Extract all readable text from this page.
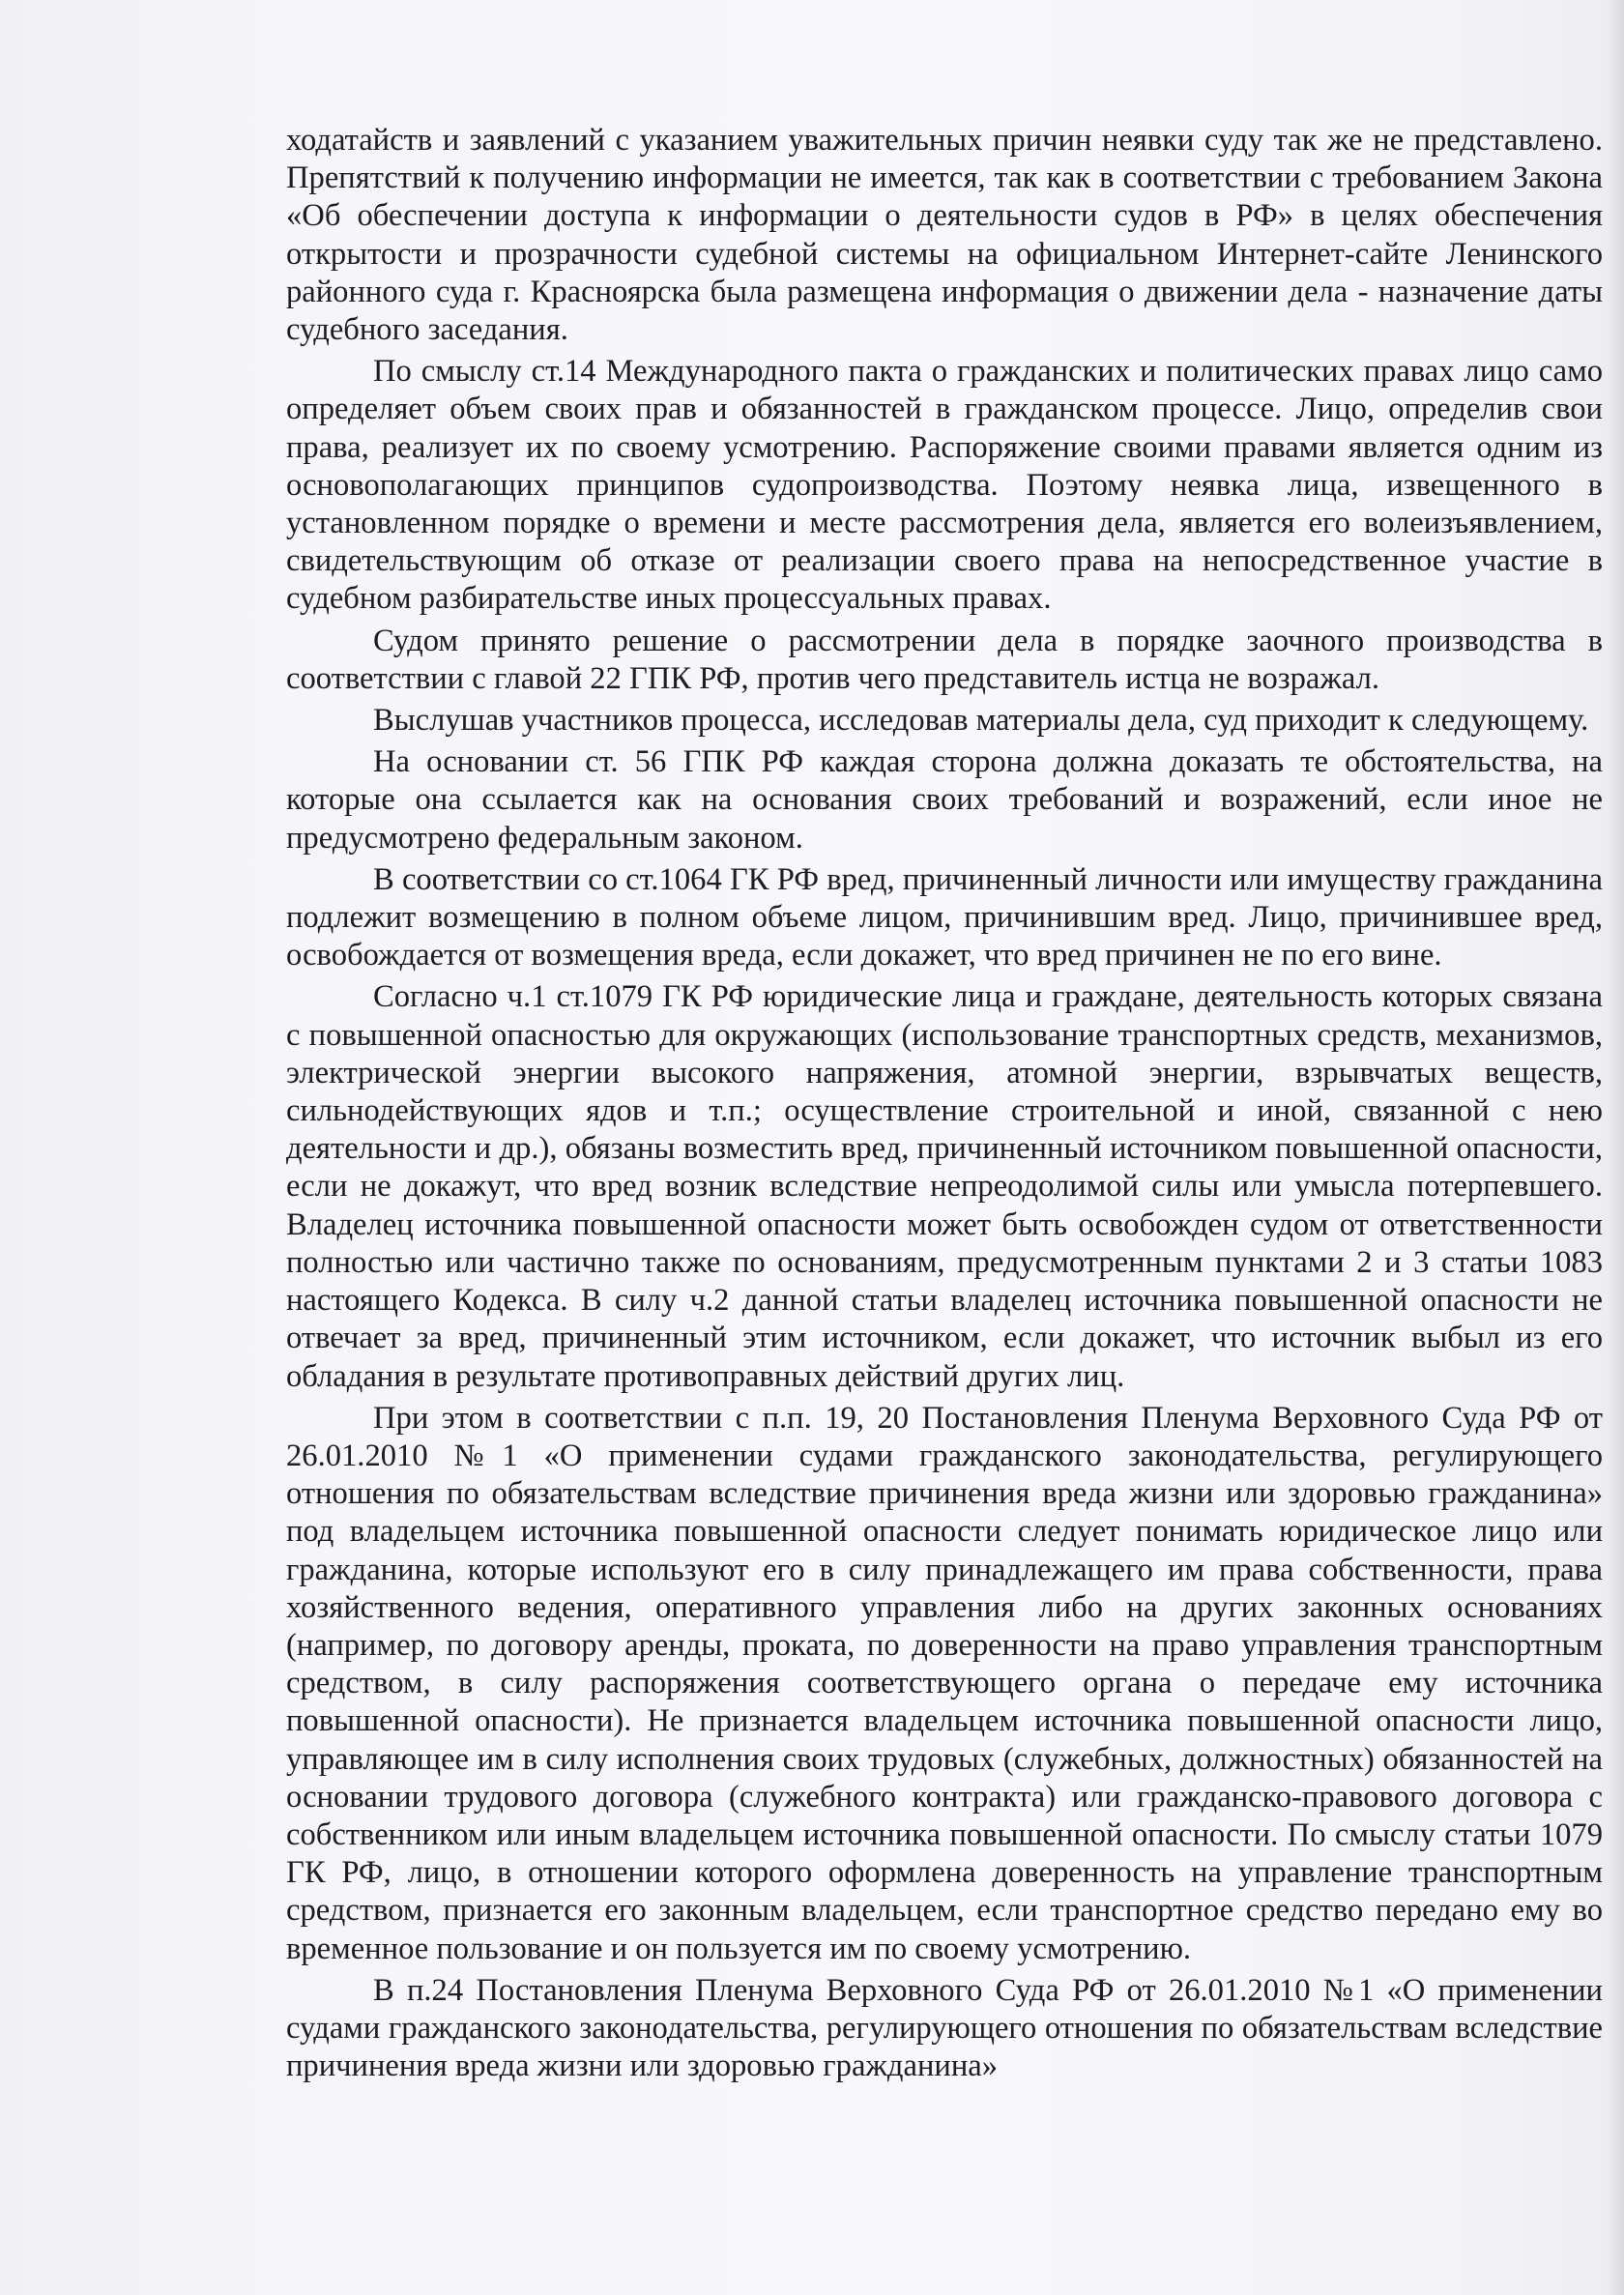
ходатайств и заявлений с указанием уважительных причин неявки суду так же не представлено. Препятствий к получению информации не имеется, так как в соответствии с требованием Закона «Об обеспечении доступа к информации о деятельности судов в РФ» в целях обеспечения открытости и прозрачности судебной системы на официальном Интернет-сайте Ленинского районного суда г. Красноярска была размещена информация о движении дела - назначение даты судебного заседания.

По смыслу ст.14 Международного пакта о гражданских и политических правах лицо само определяет объем своих прав и обязанностей в гражданском процессе. Лицо, определив свои права, реализует их по своему усмотрению. Распоряжение своими правами является одним из основополагающих принципов судопроизводства. Поэтому неявка лица, извещенного в установленном порядке о времени и месте рассмотрения дела, является его волеизъявлением, свидетельствующим об отказе от реализации своего права на непосредственное участие в судебном разбирательстве иных процессуальных правах.

Судом принято решение о рассмотрении дела в порядке заочного производства в соответствии с главой 22 ГПК РФ, против чего представитель истца не возражал.

Выслушав участников процесса, исследовав материалы дела, суд приходит к следующему.

На основании ст. 56 ГПК РФ каждая сторона должна доказать те обстоятельства, на которые она ссылается как на основания своих требований и возражений, если иное не предусмотрено федеральным законом.

В соответствии со ст.1064 ГК РФ вред, причиненный личности или имуществу гражданина подлежит возмещению в полном объеме лицом, причинившим вред. Лицо, причинившее вред, освобождается от возмещения вреда, если докажет, что вред причинен не по его вине.

Согласно ч.1 ст.1079 ГК РФ юридические лица и граждане, деятельность которых связана с повышенной опасностью для окружающих (использование транспортных средств, механизмов, электрической энергии высокого напряжения, атомной энергии, взрывчатых веществ, сильнодействующих ядов и т.п.; осуществление строительной и иной, связанной с нею деятельности и др.), обязаны возместить вред, причиненный источником повышенной опасности, если не докажут, что вред возник вследствие непреодолимой силы или умысла потерпевшего. Владелец источника повышенной опасности может быть освобожден судом от ответственности полностью или частично также по основаниям, предусмотренным пунктами 2 и 3 статьи 1083 настоящего Кодекса. В силу ч.2 данной статьи владелец источника повышенной опасности не отвечает за вред, причиненный этим источником, если докажет, что источник выбыл из его обладания в результате противоправных действий других лиц.

При этом в соответствии с п.п. 19, 20 Постановления Пленума Верховного Суда РФ от 26.01.2010 №1 «О применении судами гражданского законодательства, регулирующего отношения по обязательствам вследствие причинения вреда жизни или здоровью гражданина» под владельцем источника повышенной опасности следует понимать юридическое лицо или гражданина, которые используют его в силу принадлежащего им права собственности, права хозяйственного ведения, оперативного управления либо на других законных основаниях (например, по договору аренды, проката, по доверенности на право управления транспортным средством, в силу распоряжения соответствующего органа о передаче ему источника повышенной опасности). Не признается владельцем источника повышенной опасности лицо, управляющее им в силу исполнения своих трудовых (служебных, должностных) обязанностей на основании трудового договора (служебного контракта) или гражданско-правового договора с собственником или иным владельцем источника повышенной опасности. По смыслу статьи 1079 ГК РФ, лицо, в отношении которого оформлена доверенность на управление транспортным средством, признается его законным владельцем, если транспортное средство передано ему во временное пользование и он пользуется им по своему усмотрению.

В п.24 Постановления Пленума Верховного Суда РФ от 26.01.2010 №1 «О применении судами гражданского законодательства, регулирующего отношения по обязательствам вследствие причинения вреда жизни или здоровью гражданина»
